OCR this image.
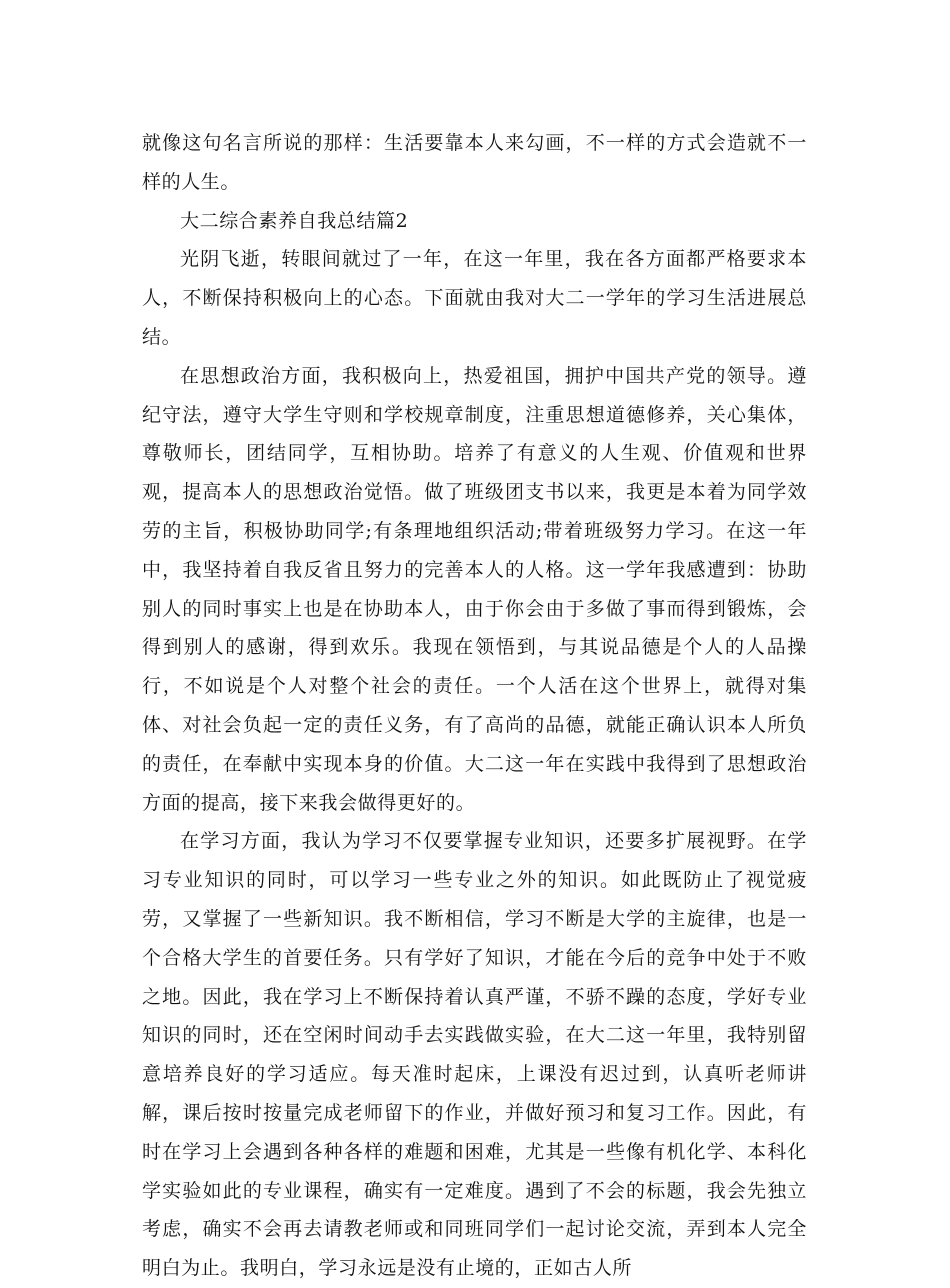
就像这句名言所说的那样：生活要靠本人来勾画，不一样的方式会造就不一样的人生。

大二综合素养自我总结篇2

光阴飞逝，转眼间就过了一年，在这一年里，我在各方面都严格要求本人，不断保持积极向上的心态。下面就由我对大二一学年的学习生活进展总结。

在思想政治方面，我积极向上，热爱祖国，拥护中国共产党的领导。遵纪守法，遵守大学生守则和学校规章制度，注重思想道德修养，关心集体，尊敬师长，团结同学，互相协助。培养了有意义的人生观、价值观和世界观，提高本人的思想政治觉悟。做了班级团支书以来，我更是本着为同学效劳的主旨，积极协助同学;有条理地组织活动;带着班级努力学习。在这一年中，我坚持着自我反省且努力的完善本人的人格。这一学年我感遭到：协助别人的同时事实上也是在协助本人，由于你会由于多做了事而得到锻炼，会得到别人的感谢，得到欢乐。我现在领悟到，与其说品德是个人的人品操行，不如说是个人对整个社会的责任。一个人活在这个世界上，就得对集体、对社会负起一定的责任义务，有了高尚的品德，就能正确认识本人所负的责任，在奉献中实现本身的价值。大二这一年在实践中我得到了思想政治方面的提高，接下来我会做得更好的。

在学习方面，我认为学习不仅要掌握专业知识，还要多扩展视野。在学习专业知识的同时，可以学习一些专业之外的知识。如此既防止了视觉疲劳，又掌握了一些新知识。我不断相信，学习不断是大学的主旋律，也是一个合格大学生的首要任务。只有学好了知识，才能在今后的竞争中处于不败之地。因此，我在学习上不断保持着认真严谨，不骄不躁的态度，学好专业知识的同时，还在空闲时间动手去实践做实验，在大二这一年里，我特别留意培养良好的学习适应。每天准时起床，上课没有迟过到，认真听老师讲解，课后按时按量完成老师留下的作业，并做好预习和复习工作。因此，有时在学习上会遇到各种各样的难题和困难，尤其是一些像有机化学、本科化学实验如此的专业课程，确实有一定难度。遇到了不会的标题，我会先独立考虑，确实不会再去请教老师或和同班同学们一起讨论交流，弄到本人完全明白为止。我明白，学习永远是没有止境的，正如古人所
